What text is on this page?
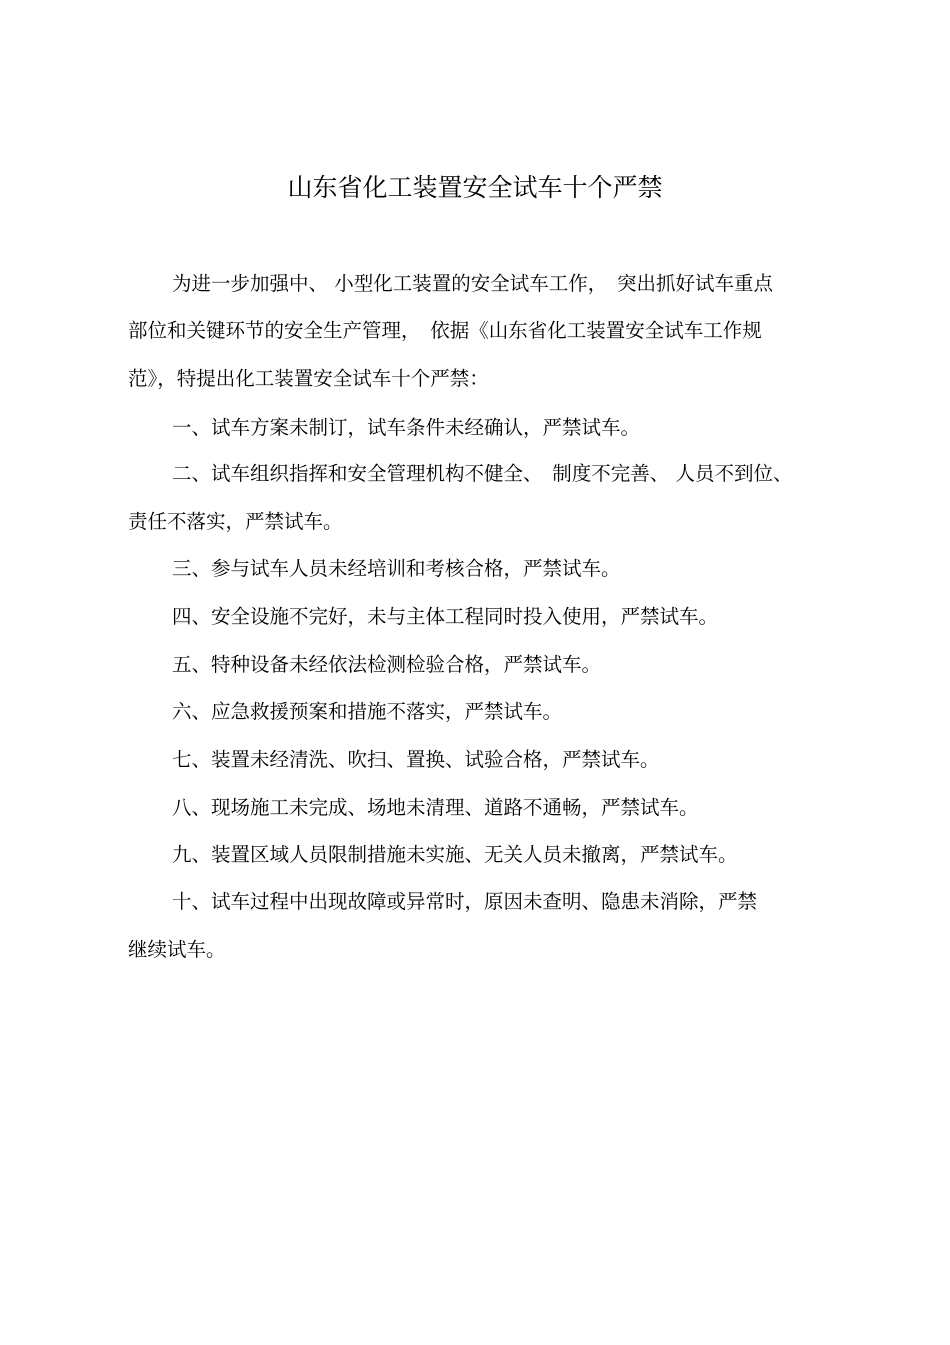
山东省化工装置安全试车十个严禁

为进一步加强中、 小型化工装置的安全试车工作，　突出抓好试车重点

部位和关键环节的安全生产管理，　依据《山东省化工装置安全试车工作规

范》，特提出化工装置安全试车十个严禁：

一、试车方案未制订，试车条件未经确认，严禁试车。

二、试车组织指挥和安全管理机构不健全、　制度不完善、 人员不到位、

责任不落实，严禁试车。

三、参与试车人员未经培训和考核合格，严禁试车。

四、安全设施不完好，未与主体工程同时投入使用，严禁试车。

五、特种设备未经依法检测检验合格，严禁试车。

六、应急救援预案和措施不落实，严禁试车。

七、装置未经清洗、吹扫、置换、试验合格，严禁试车。

八、现场施工未完成、场地未清理、道路不通畅，严禁试车。

九、装置区域人员限制措施未实施、无关人员未撤离，严禁试车。

十、试车过程中出现故障或异常时，原因未查明、隐患未消除，严禁

继续试车。
